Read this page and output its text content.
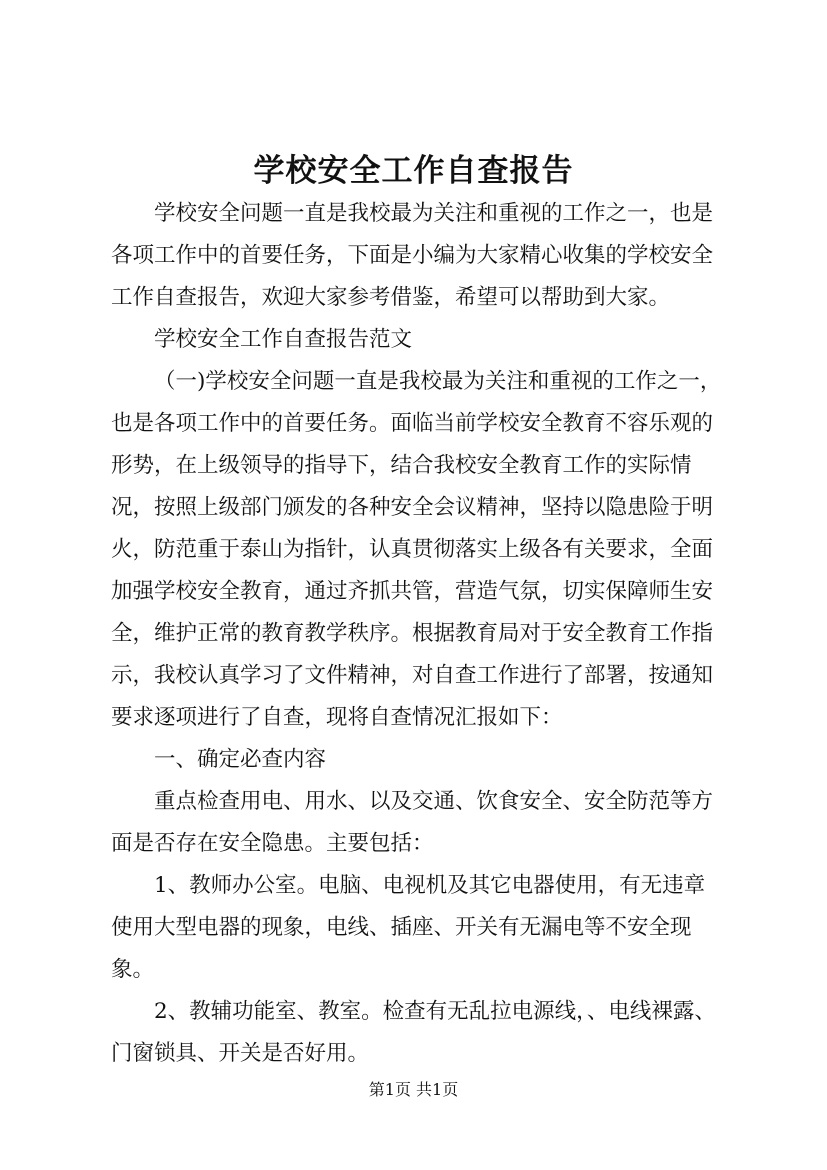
学校安全工作自查报告

学校安全问题一直是我校最为关注和重视的工作之一，也是各项工作中的首要任务，下面是小编为大家精心收集的学校安全工作自查报告，欢迎大家参考借鉴，希望可以帮助到大家。

学校安全工作自查报告范文

（一)学校安全问题一直是我校最为关注和重视的工作之一，也是各项工作中的首要任务。面临当前学校安全教育不容乐观的形势，在上级领导的指导下，结合我校安全教育工作的实际情况，按照上级部门颁发的各种安全会议精神，坚持以隐患险于明火，防范重于泰山为指针，认真贯彻落实上级各有关要求，全面加强学校安全教育，通过齐抓共管，营造气氛，切实保障师生安全，维护正常的教育教学秩序。根据教育局对于安全教育工作指示，我校认真学习了文件精神，对自查工作进行了部署，按通知要求逐项进行了自查，现将自查情况汇报如下：

一、确定必查内容

重点检查用电、用水、以及交通、饮食安全、安全防范等方面是否存在安全隐患。主要包括：

1、教师办公室。电脑、电视机及其它电器使用，有无违章使用大型电器的现象，电线、插座、开关有无漏电等不安全现象。

2、教辅功能室、教室。检查有无乱拉电源线，、电线裸露、门窗锁具、开关是否好用。

第1页 共1页
